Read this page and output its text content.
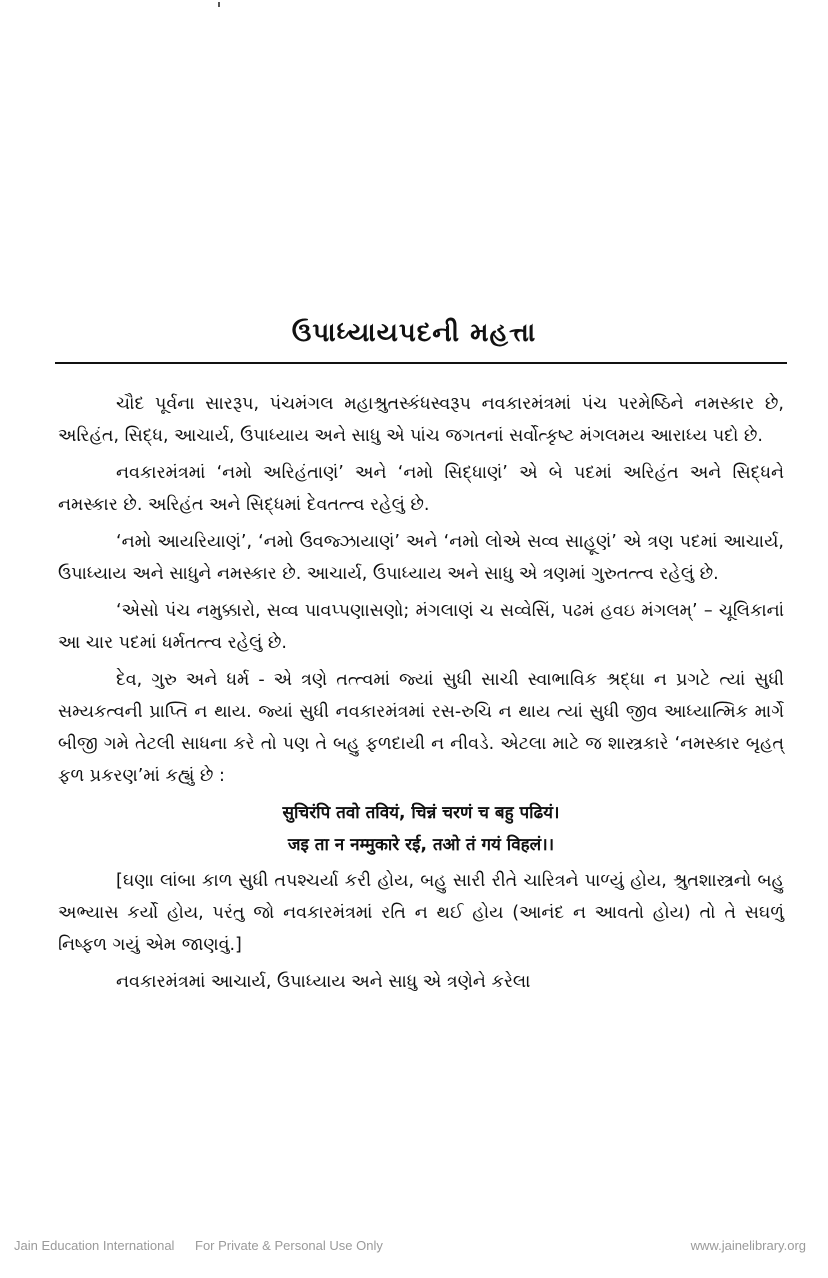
ઉપાધ્યાયપદની મહત્તા

ચૌદ પૂર્વના સારરૂપ, પંચમંગલ મહાશ્રુતસ્કંધસ્વરૂપ નવકારમંત્રમાં પંચ પરમેષ્ઠિને નમસ્કાર છે, અરિહંત, સિદ્ધ, આચાર્ય, ઉપાધ્યાય અને સાધુ એ પાંચ જગતનાં સર્વોત્કૃષ્ટ મંગલમય આરાધ્ય પદો છે.

નવકારમંત્રમાં ‘નમો અરિહંતાણં’ અને ‘નમો સિદ્ધાણં’ એ બે પદમાં અરિહંત અને સિદ્ધને નમસ્કાર છે. અરિહંત અને સિદ્ધમાં દેવતત્ત્વ રહેલું છે.

‘નમો આયરિયાણં’, ‘નમો ઉવજ્ઝાયાણં’ અને ‘નમો લોએ સવ્વ સાહૂણં’ એ ત્રણ પદમાં આચાર્ય, ઉપાધ્યાય અને સાધુને નમસ્કાર છે. આચાર્ય, ઉપાધ્યાય અને સાધુ એ ત્રણમાં ગુરુતત્ત્વ રહેલું છે.

‘એસો પંચ નમુક્કારો, સવ્વ પાવપ્પણાસણો; મંગલાણં ચ સવ્વેસિં, પઢમં હવઇ મંગલમ્’ – ચૂલિકાનાં આ ચાર પદમાં ધર્મતત્ત્વ રહેલું છે.

દેવ, ગુરુ અને ધર્મ - એ ત્રણે તત્ત્વમાં જ્યાં સુધી સાચી સ્વાભાવિક શ્રદ્ધા ન પ્રગટે ત્યાં સુધી સમ્યકત્વની પ્રાપ્તિ ન થાય. જ્યાં સુધી નવકારમંત્રમાં રસ-રુચિ ન થાય ત્યાં સુધી જીવ આધ્યાત્મિક માર્ગે બીજી ગમે તેટલી સાધના કરે તો પણ તે બહુ ફળદાયી ન નીવડે. એટલા માટે જ શાસ્ત્રકારે ‘નમસ્કાર બૃહત્ ફળ પ્રકરણ’માં કહ્યું છે :

सुचिरंपि तवो तवियं, चिन्नं चरणं च बहु पढियं।
जइ ता न नम्मुकारे रई, तओ तं गयं विहलं।।

[ઘણા લાંબા કાળ સુધી તપશ્ચર્યા કરી હોય, બહુ સારી રીતે ચારિત્રને પાળ્યું હોય, શ્રુતશાસ્ત્રનો બહુ અભ્યાસ કર્યો હોય, પરંતુ જો નવકારમંત્રમાં રતિ ન થઈ હોય (આનંદ ન આવતો હોય) તો તે સઘળું નિષ્ફળ ગયું એમ જાણવું.]

નવકારમંત્રમાં આચાર્ય, ઉપાધ્યાય અને સાધુ એ ત્રણેને કરેલા

Jain Education International For Private & Personal Use Only	www.jainelibrary.org
